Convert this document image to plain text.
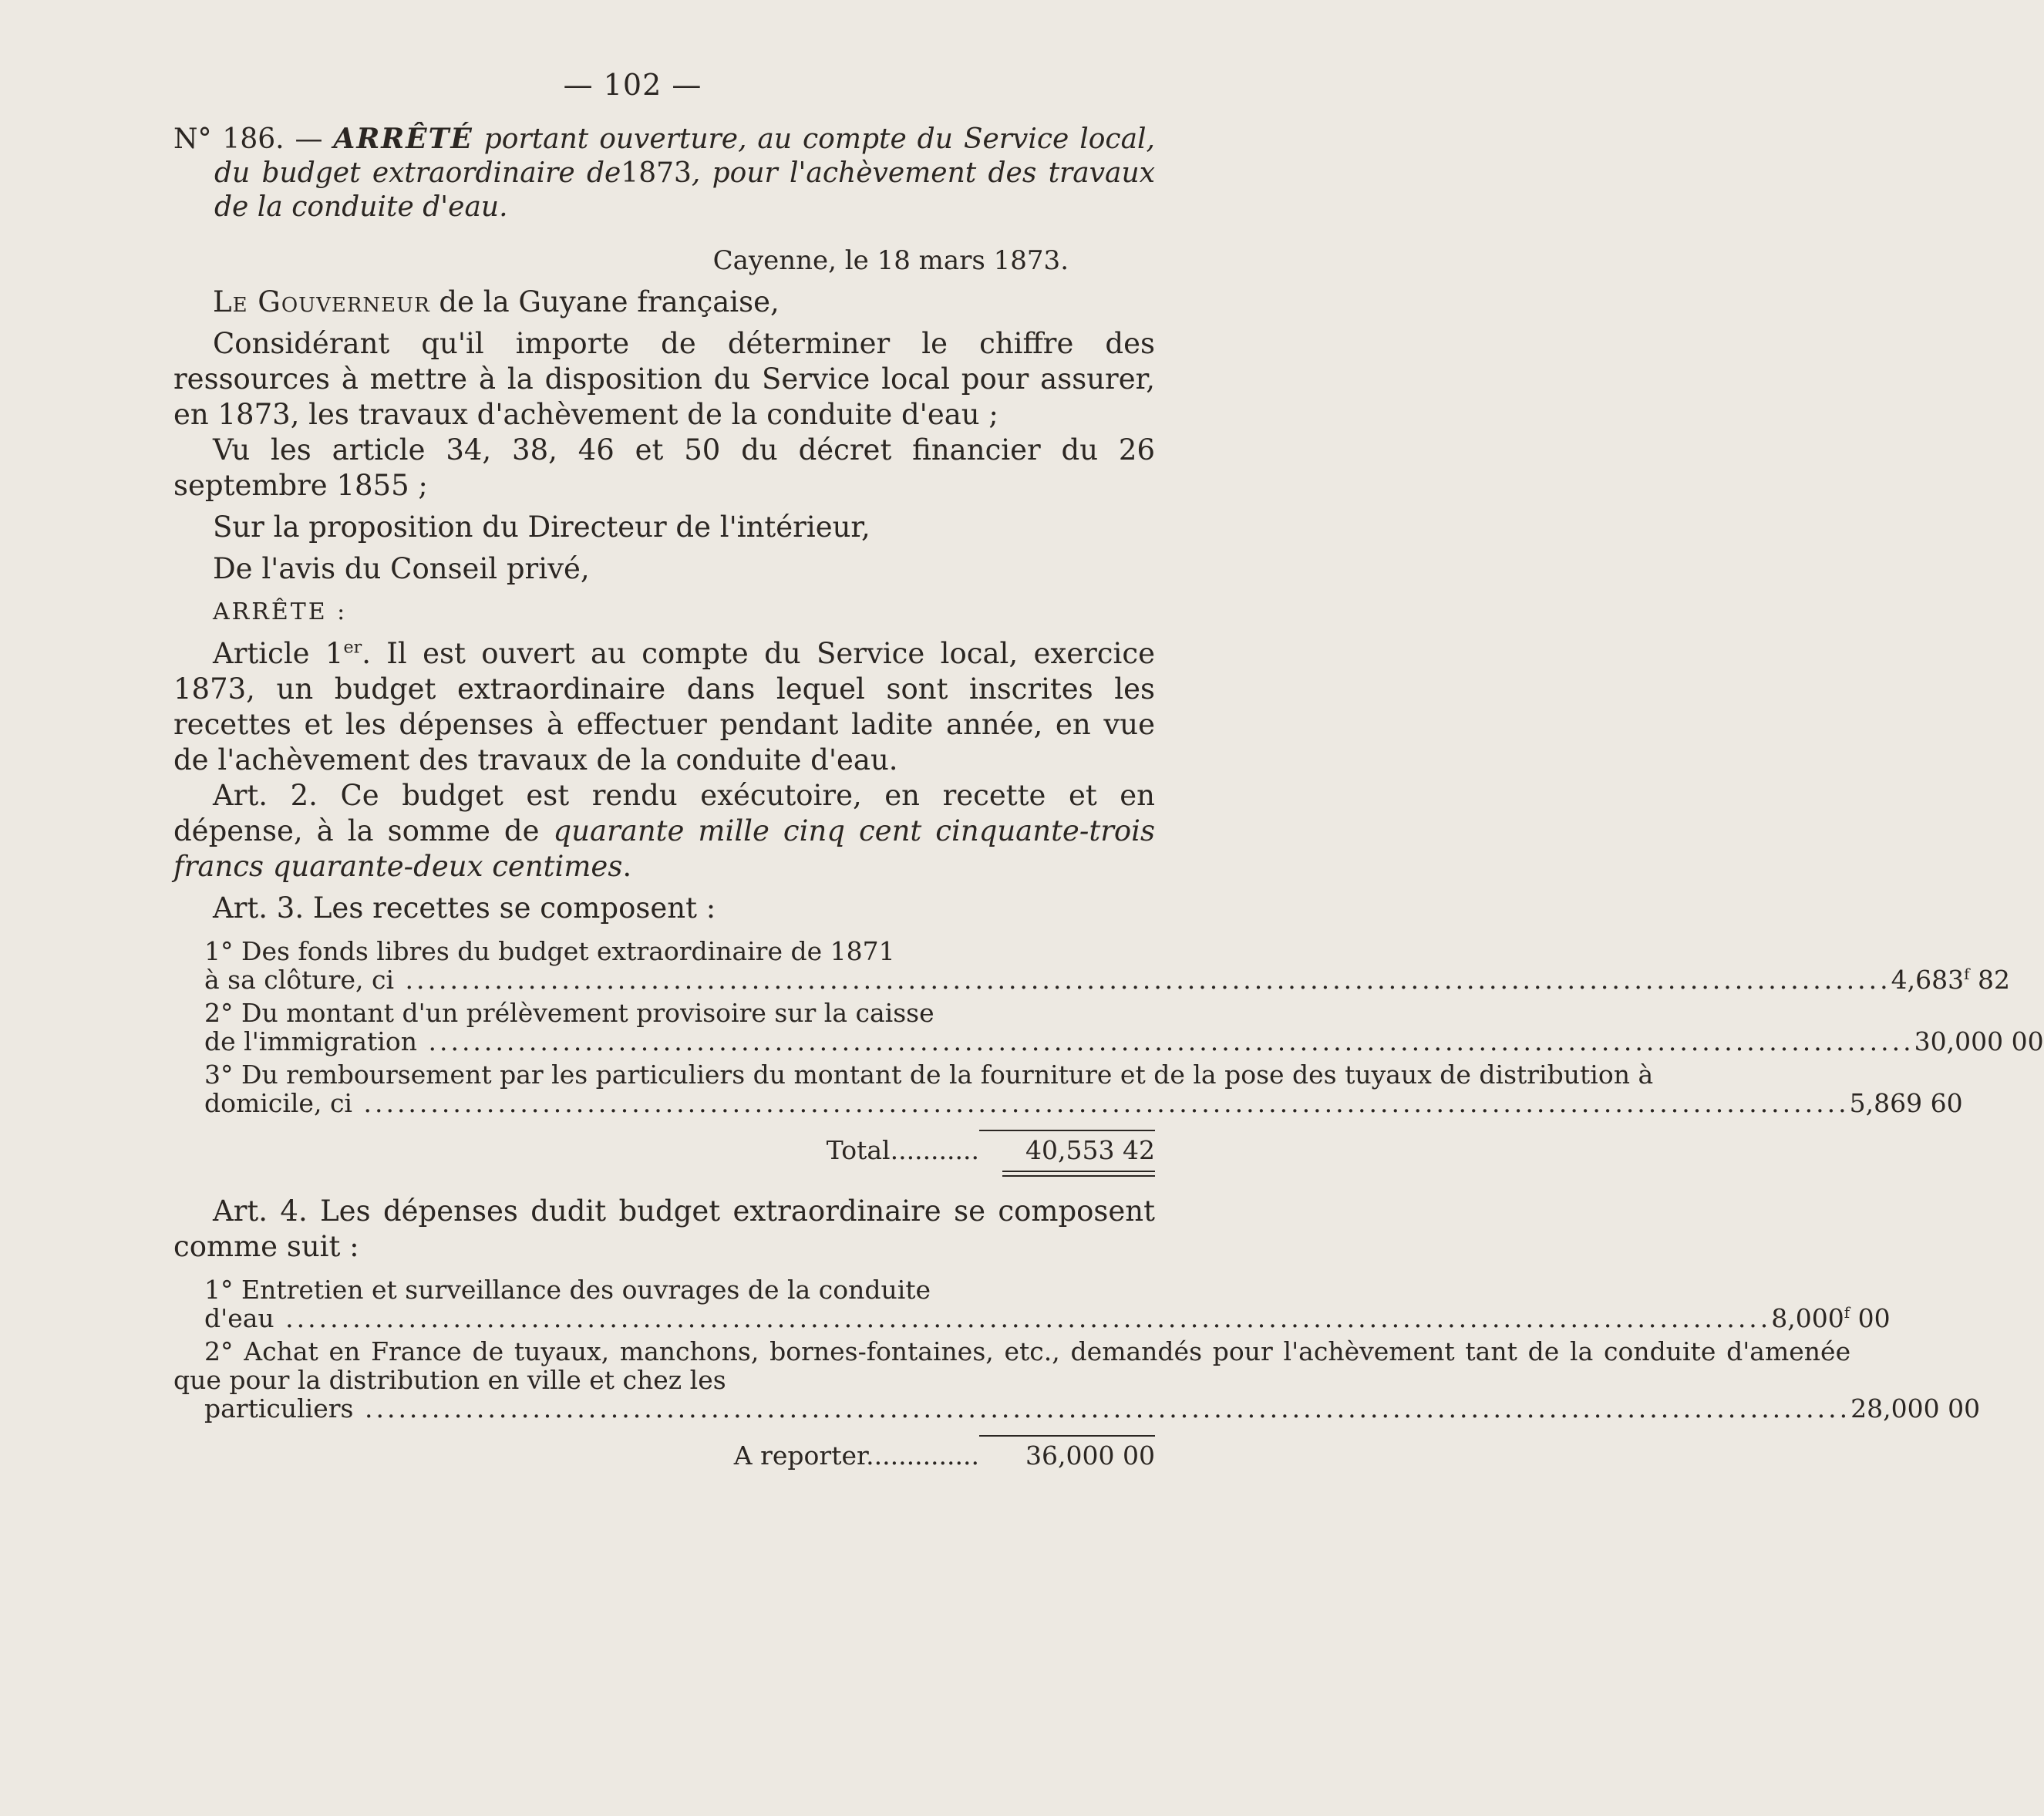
— 102 —

N° 186. — ARRÊTÉ portant ouverture, au compte du Service local, du budget extraordinaire de1873, pour l'achèvement des travaux de la conduite d'eau.

Cayenne, le 18 mars 1873.

Le Gouverneur de la Guyane française,

Considérant qu'il importe de déterminer le chiffre des ressources à mettre à la disposition du Service local pour assurer, en 1873, les travaux d'achèvement de la conduite d'eau ;

Vu les article 34, 38, 46 et 50 du décret financier du 26 septembre 1855 ;

Sur la proposition du Directeur de l'intérieur,

De l'avis du Conseil privé,

ARRÊTE :

Article 1er. Il est ouvert au compte du Service local, exercice 1873, un budget extraordinaire dans lequel sont inscrites les recettes et les dépenses à effectuer pendant ladite année, en vue de l'achèvement des travaux de la conduite d'eau.

Art. 2. Ce budget est rendu exécutoire, en recette et en dépense, à la somme de quarante mille cinq cent cinquante-trois francs quarante-deux centimes.

Art. 3. Les recettes se composent :

1° Des fonds libres du budget extraordinaire de 1871
à sa clôture, ci .....	4,683$^f$ 82
2° Du montant d'un prélèvement provisoire sur la caisse
de l'immigration .....	30,000 00
3° Du remboursement par les particuliers du montant de la fourniture et de la pose des tuyaux de distribution à
domicile, ci .....	5,869 60
Total...........	40,553 42

Art. 4. Les dépenses dudit budget extraordinaire se composent comme suit :

1° Entretien et surveillance des ouvrages de la conduite
d'eau .....	8,000$^f$ 00
2° Achat en France de tuyaux, manchons, bornes-fontaines, etc., demandés pour l'achèvement tant de la conduite d'amenée que pour la distribution en ville et chez les
particuliers .....	28,000 00
A reporter..............	36,000 00
